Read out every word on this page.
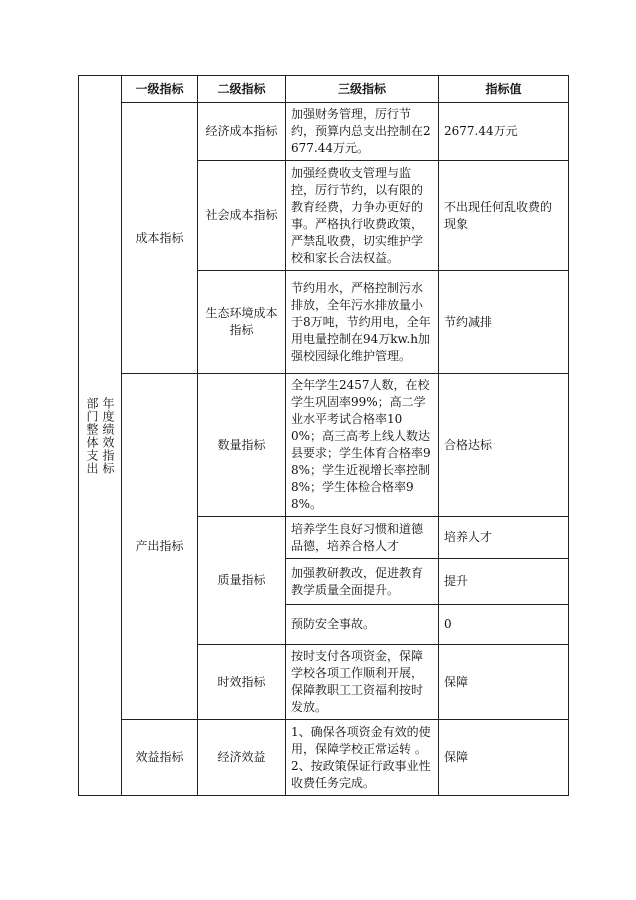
年度绩效指标
部门整体支出	一级指标	二级指标	三级指标	指标值
	成本指标	经济成本指标	加强财务管理，厉行节约，预算内总支出控制在2677.44万元。	2677.44万元
		社会成本指标	加强经费收支管理与监控，厉行节约，以有限的教育经费，力争办更好的事。严格执行收费政策，严禁乱收费，切实维护学校和家长合法权益。	不出现任何乱收费的现象
		生态环境成本指标	节约用水，严格控制污水排放，全年污水排放量小于8万吨，节约用电，全年用电量控制在94万kw.h加强校园绿化维护管理。	节约减排
	产出指标	数量指标	全年学生2457人数，在校学生巩固率99%；高二学业水平考试合格率100%；高三高考上线人数达县要求；学生体育合格率98%；学生近视增长率控制8%；学生体检合格率98%。	合格达标
		质量指标	培养学生良好习惯和道德品德，培养合格人才	培养人才
			加强教研教改，促进教育教学质量全面提升。	提升
			预防安全事故。	0
		时效指标	按时支付各项资金，保障学校各项工作顺利开展，保障教职工工资福利按时发放。	保障
	效益指标	经济效益	1、确保各项资金有效的使用，保障学校正常运转 。2、按政策保证行政事业性收费任务完成。	保障
